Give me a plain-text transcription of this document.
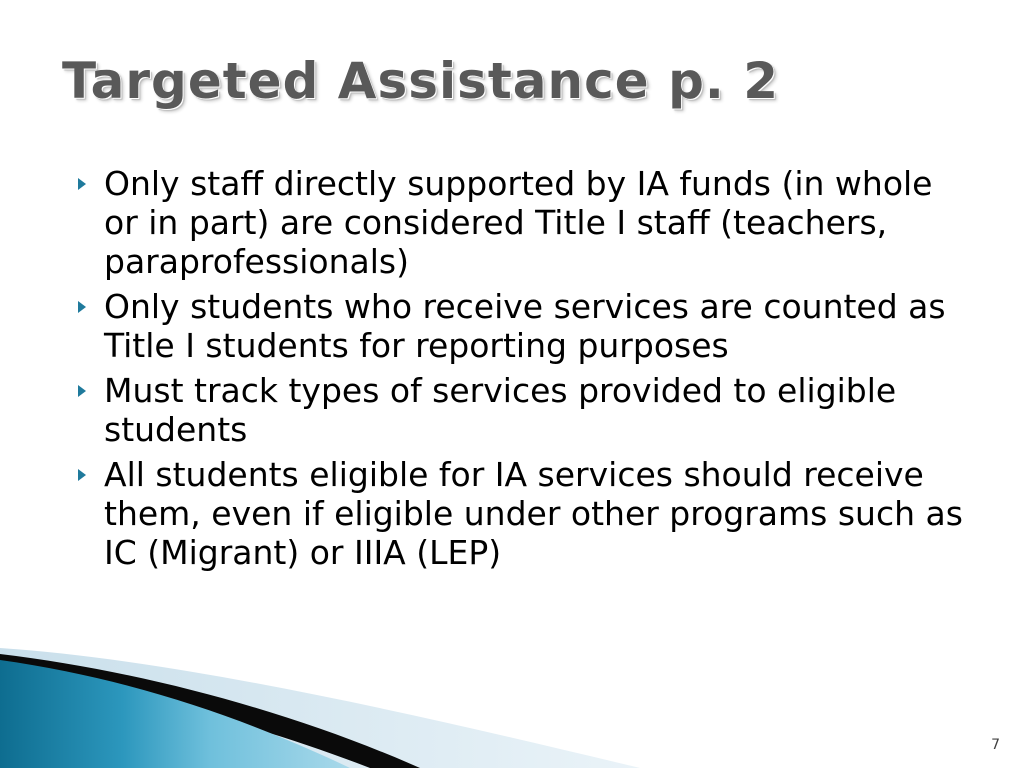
Targeted Assistance p. 2
Only staff directly supported by IA funds (in whole or in part) are considered Title I staff (teachers, paraprofessionals)
Only students who receive services are counted as Title I students for reporting purposes
Must track types of services provided to eligible students
All students eligible for IA services should receive them, even if eligible under other programs such as IC (Migrant) or IIIA (LEP)
7
